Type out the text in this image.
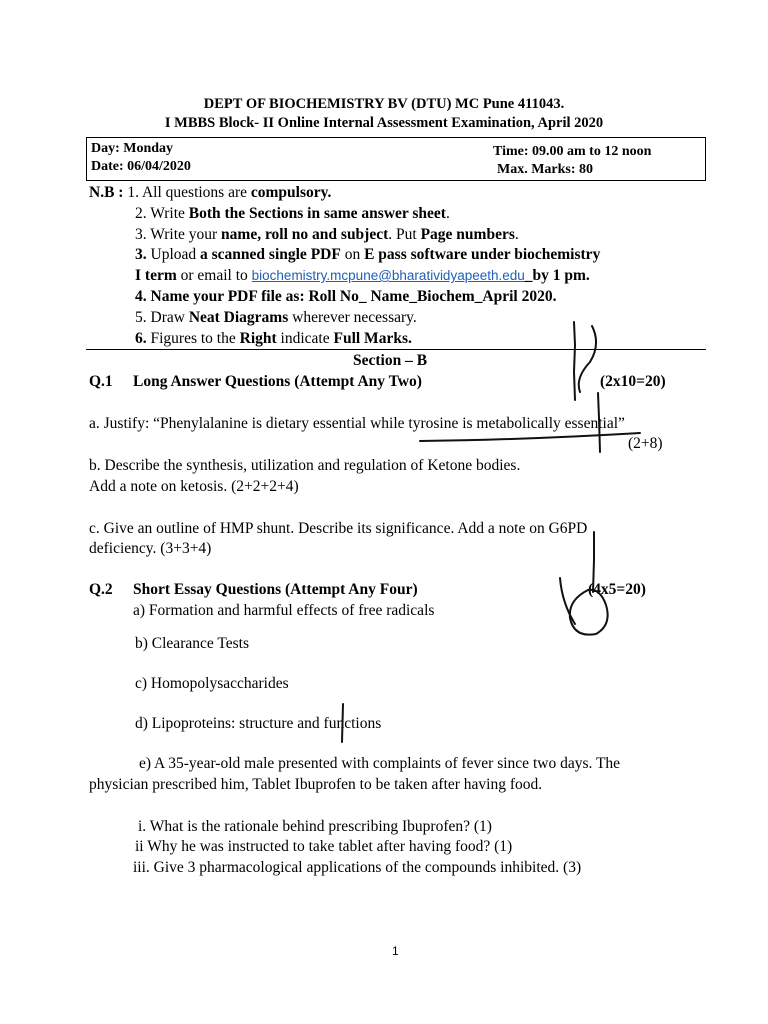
DEPT OF BIOCHEMISTRY BV (DTU) MC Pune 411043.
I MBBS Block- II Online Internal Assessment Examination, April 2020
Day: Monday
Date: 06/04/2020
Time: 09.00 am to 12 noon
Max. Marks: 80
N.B : 1. All questions are compulsory.
2. Write Both the Sections in same answer sheet.
3. Write your name, roll no and subject. Put Page numbers.
3. Upload a scanned single PDF on E pass software under biochemistry
I term or email to biochemistry.mcpune@bharatividyapeeth.edu_by 1 pm.
4. Name your PDF file as: Roll No_ Name_Biochem_April 2020.
5. Draw Neat Diagrams wherever necessary.
6. Figures to the Right indicate Full Marks.
Section – B
Q.1 Long Answer Questions (Attempt Any Two)	(2x10=20)
a. Justify: “Phenylalanine is dietary essential while tyrosine is metabolically essential”
(2+8)
b. Describe the synthesis, utilization and regulation of Ketone bodies.
Add a note on ketosis. (2+2+2+4)
c. Give an outline of HMP shunt. Describe its significance. Add a note on G6PD
deficiency. (3+3+4)
Q.2 Short Essay Questions (Attempt Any Four)	(4x5=20)
a) Formation and harmful effects of free radicals
b) Clearance Tests
c) Homopolysaccharides
d) Lipoproteins: structure and functions
e) A 35-year-old male presented with complaints of fever since two days. The
physician prescribed him, Tablet Ibuprofen to be taken after having food.
i. What is the rationale behind prescribing Ibuprofen? (1)
ii Why he was instructed to take tablet after having food? (1)
iii. Give 3 pharmacological applications of the compounds inhibited. (3)
1
